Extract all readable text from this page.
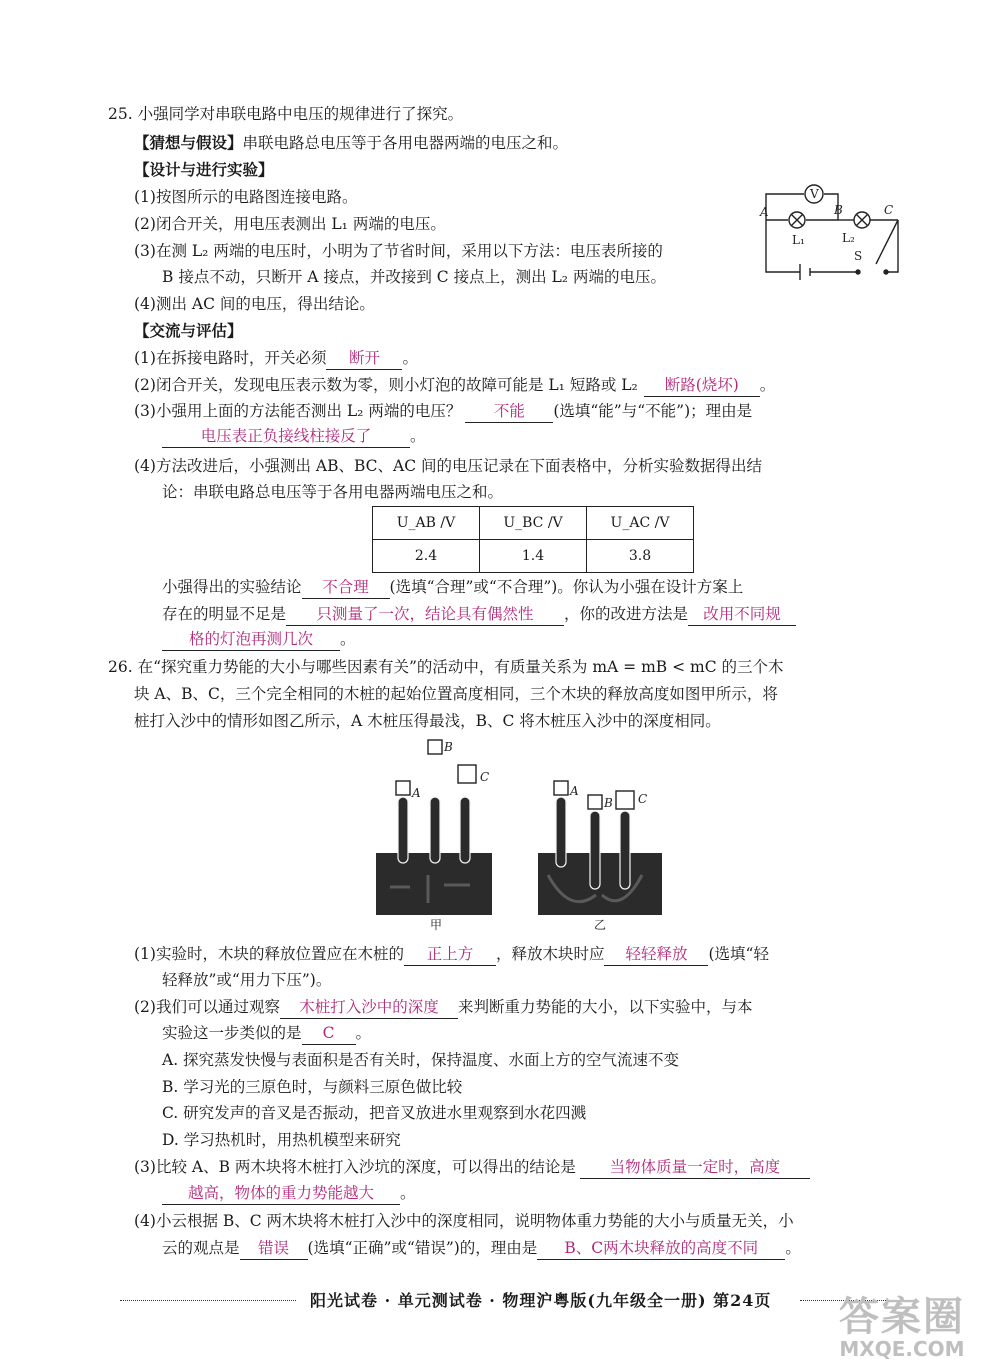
25. 小强同学对串联电路中电压的规律进行了探究。
【猜想与假设】串联电路总电压等于各用电器两端的电压之和。
【设计与进行实验】
(1)按图所示的电路图连接电路。
(2)闭合开关，用电压表测出 L₁ 两端的电压。
(3)在测 L₂ 两端的电压时，小明为了节省时间，采用以下方法：电压表所接的
B 接点不动，只断开 A 接点，并改接到 C 接点上，测出 L₂ 两端的电压。
(4)测出 AC 间的电压，得出结论。
V
A	B	C
L₁	L₂
S
【交流与评估】
(1)在拆接电路时，开关必须 断开 。
(2)闭合开关，发现电压表示数为零，则小灯泡的故障可能是 L₁ 短路或 L₂ 断路(烧坏) 。
(3)小强用上面的方法能否测出 L₂ 两端的电压？ 不能 (选填“能”与“不能”)；理由是
电压表正负接线柱接反了	。
(4)方法改进后，小强测出 AB、BC、AC 间的电压记录在下面表格中，分析实验数据得出结
论：串联电路总电压等于各用电器两端电压之和。
U_AB /V	U_BC /V	U_AC /V
2.4	1.4	3.8
小强得出的实验结论 不合理 (选填“合理”或“不合理”)。你认为小强在设计方案上
存在的明显不足是 只测量了一次，结论具有偶然性 ，你的改进方法是 改用不同规
格的灯泡再测几次 。
26. 在“探究重力势能的大小与哪些因素有关”的活动中，有质量关系为 mA = mB < mC 的三个木
块 A、B、C，三个完全相同的木桩的起始位置高度相同，三个木块的释放高度如图甲所示，将
桩打入沙中的情形如图乙所示，A 木桩压得最浅，B、C 将木桩压入沙中的深度相同。
A
B
C
A
B C
甲	乙
(1)实验时，木块的释放位置应在木桩的 正上方 ，释放木块时应 轻轻释放 (选填“轻
轻释放”或“用力下压”)。
(2)我们可以通过观察 木桩打入沙中的深度 来判断重力势能的大小，以下实验中，与本
实验这一步类似的是 C 。
A. 探究蒸发快慢与表面积是否有关时，保持温度、水面上方的空气流速不变
B. 学习光的三原色时，与颜料三原色做比较
C. 研究发声的音叉是否振动，把音叉放进水里观察到水花四溅
D. 学习热机时，用热机模型来研究
(3)比较 A、B 两木块将木桩打入沙坑的深度，可以得出的结论是 当物体质量一定时，高度
越高，物体的重力势能越大 。
(4)小云根据 B、C 两木块将木桩打入沙中的深度相同，说明物体重力势能的大小与质量无关，小
云的观点是 错误 (选填“正确”或“错误”)的，理由是 B、C两木块释放的高度不同 。
阳光试卷 · 单元测试卷 · 物理沪粤版(九年级全一册) 第24页	答案圈
MXQE.COM
